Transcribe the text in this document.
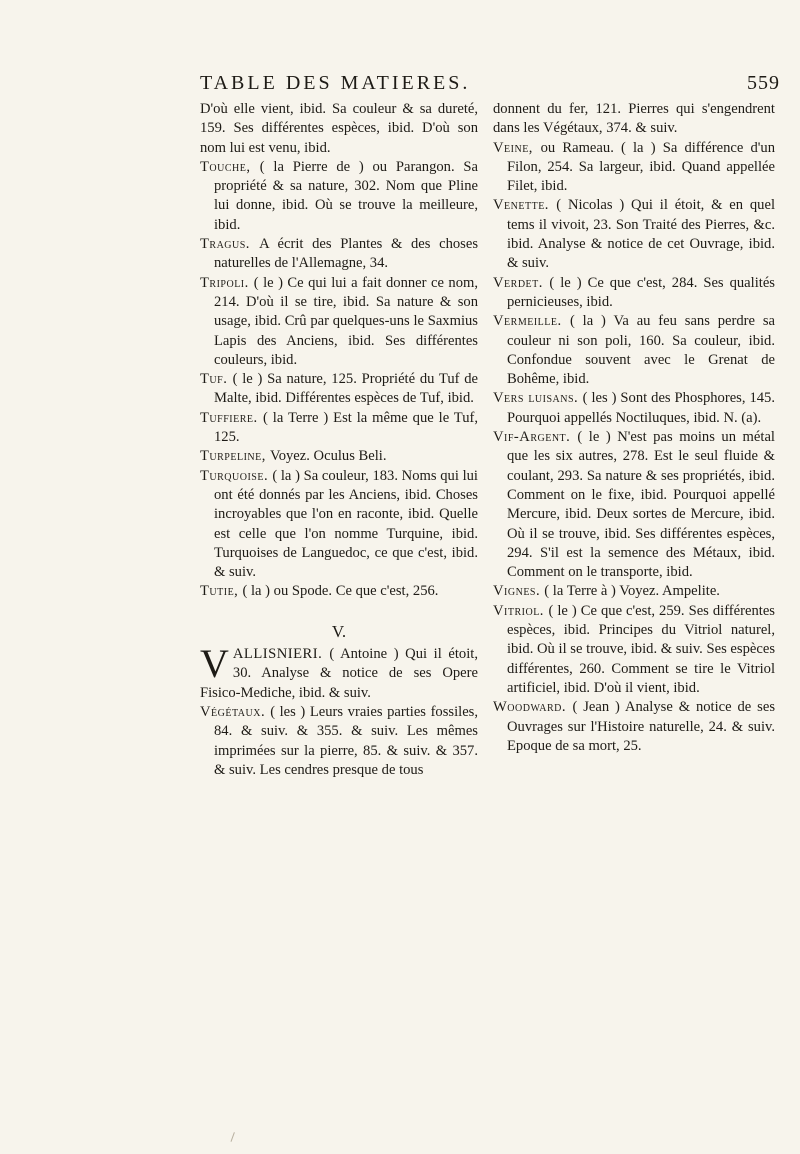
TABLE DES MATIERES.	559
D'où elle vient, ibid. Sa couleur & sa dureté, 159. Ses différentes espèces, ibid. D'où son nom lui est venu, ibid.
Touche, ( la Pierre de ) ou Parangon. Sa propriété & sa nature, 302. Nom que Pline lui donne, ibid. Où se trouve la meilleure, ibid.
Tragus. A écrit des Plantes & des choses naturelles de l'Allemagne, 34.
Tripoli. ( le ) Ce qui lui a fait donner ce nom, 214. D'où il se tire, ibid. Sa nature & son usage, ibid. Crû par quelques-uns le Saxmius Lapis des Anciens, ibid. Ses différentes couleurs, ibid.
Tuf. ( le ) Sa nature, 125. Propriété du Tuf de Malte, ibid. Différentes espèces de Tuf, ibid.
Tuffiere. ( la Terre ) Est la même que le Tuf, 125.
Turpeline, Voyez. Oculus Beli.
Turquoise. ( la ) Sa couleur, 183. Noms qui lui ont été donnés par les Anciens, ibid. Choses incroyables que l'on en raconte, ibid. Quelle est celle que l'on nomme Turquine, ibid. Turquoises de Languedoc, ce que c'est, ibid. & suiv.
Tutie, ( la ) ou Spode. Ce que c'est, 256.
V.
VALLISNIERI. ( Antoine ) Qui il étoit, 30. Analyse & notice de ses Opere Fisico-Mediche, ibid. & suiv.
Végétaux. ( les ) Leurs vraies parties fossiles, 84. & suiv. & 355. & suiv. Les mêmes imprimées sur la pierre, 85. & suiv. & 357. & suiv. Les cendres presque de tous
donnent du fer, 121. Pierres qui s'engendrent dans les Végétaux, 374. & suiv.
Veine, ou Rameau. ( la ) Sa différence d'un Filon, 254. Sa largeur, ibid. Quand appellée Filet, ibid.
Venette. ( Nicolas ) Qui il étoit, & en quel tems il vivoit, 23. Son Traité des Pierres, &c. ibid. Analyse & notice de cet Ouvrage, ibid. & suiv.
Verdet. ( le ) Ce que c'est, 284. Ses qualités pernicieuses, ibid.
Vermeille. ( la ) Va au feu sans perdre sa couleur ni son poli, 160. Sa couleur, ibid. Confondue souvent avec le Grenat de Bohême, ibid.
Vers luisans. ( les ) Sont des Phosphores, 145. Pourquoi appellés Noctiluques, ibid. N. (a).
Vif-Argent. ( le ) N'est pas moins un métal que les six autres, 278. Est le seul fluide & coulant, 293. Sa nature & ses propriétés, ibid. Comment on le fixe, ibid. Pourquoi appellé Mercure, ibid. Deux sortes de Mercure, ibid. Où il se trouve, ibid. Ses différentes espèces, 294. S'il est la semence des Métaux, ibid. Comment on le transporte, ibid.
Vignes. ( la Terre à ) Voyez. Ampelite.
Vitriol. ( le ) Ce que c'est, 259. Ses différentes espèces, ibid. Principes du Vitriol naturel, ibid. Où il se trouve, ibid. & suiv. Ses espèces différentes, 260. Comment se tire le Vitriol artificiel, ibid. D'où il vient, ibid.
Woodward. ( Jean ) Analyse & notice de ses Ouvrages sur l'Histoire naturelle, 24. & suiv. Epoque de sa mort, 25.
